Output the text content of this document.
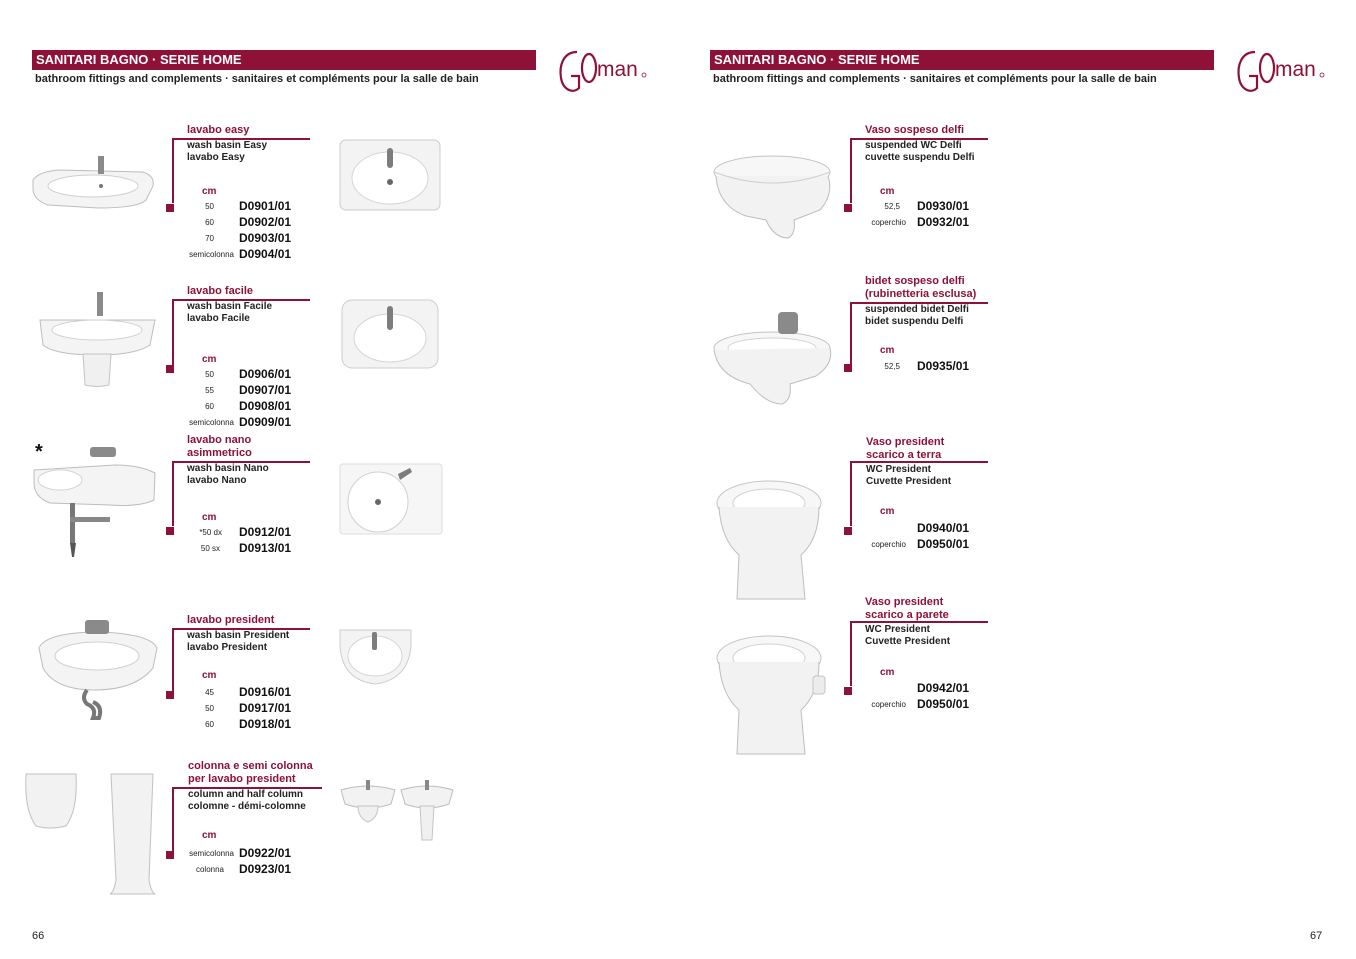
SANITARI BAGNO · SERIE HOME
bathroom fittings and complements · sanitaires et compléments pour la salle de bain	man
lavabo easy
wash basin Easy
lavabo Easy
cm
50 D0901/01
60 D0902/01
70 D0903/01
semicolonna D0904/01
lavabo facile
wash basin Facile
lavabo Facile
cm
50 D0906/01
55 D0907/01
60 D0908/01
semicolonna D0909/01
*
lavabo nano
asimmetrico
wash basin Nano
lavabo Nano
cm
*50 dx D0912/01
50 sx D0913/01
lavabo president
wash basin President
lavabo President
cm
45 D0916/01
50 D0917/01
60 D0918/01
colonna e semi colonna
per lavabo president
column and half column
colomne - démi-colomne
cm
semicolonna D0922/01
colonna D0923/01
66
SANITARI BAGNO · SERIE HOME
bathroom fittings and complements · sanitaires et compléments pour la salle de bain	man
Vaso sospeso delfi
suspended WC Delfi
cuvette suspendu Delfi
cm
52,5 D0930/01
coperchio D0932/01
bidet sospeso delfi
(rubinetteria esclusa)
suspended bidet Delfi
bidet suspendu Delfi
cm
52,5 D0935/01
Vaso president
scarico a terra
WC President
Cuvette President
cm
D0940/01
coperchio D0950/01
Vaso president
scarico a parete
WC President
Cuvette President
cm
D0942/01
coperchio D0950/01
67
